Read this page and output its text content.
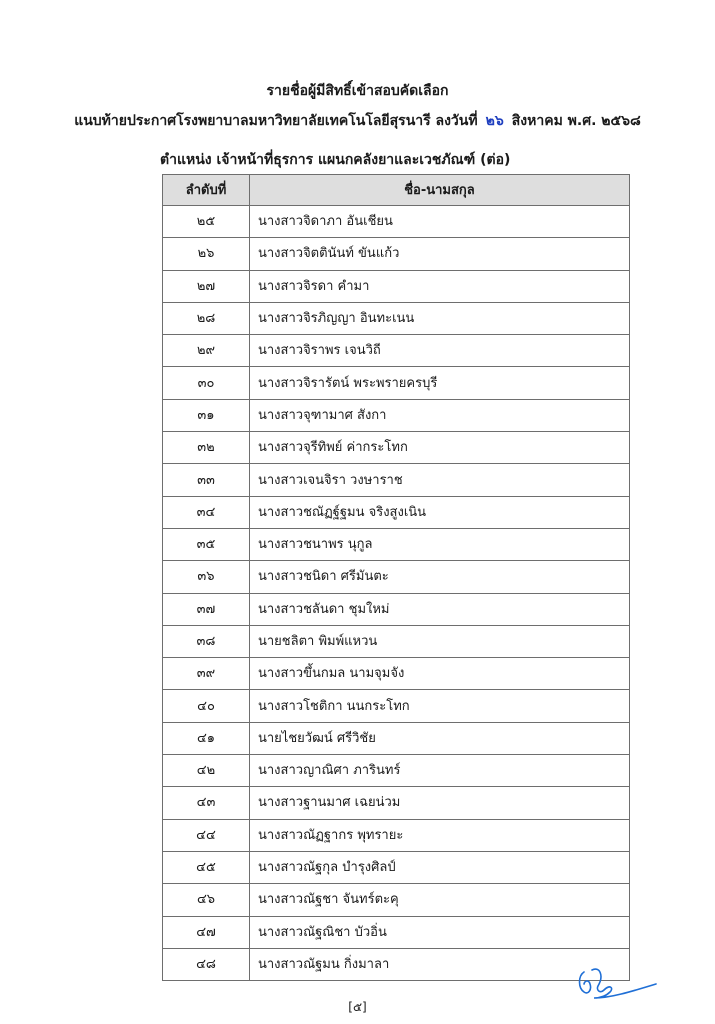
รายชื่อผู้มีสิทธิ์เข้าสอบคัดเลือก
แนบท้ายประกาศโรงพยาบาลมหาวิทยาลัยเทคโนโลยีสุรนารี ลงวันที่ ๒๖ สิงหาคม พ.ศ. ๒๕๖๘
ตำแหน่ง เจ้าหน้าที่ธุรการ แผนกคลังยาและเวชภัณฑ์ (ต่อ)
ลำดับที่	ชื่อ-นามสกุล
๒๕	นางสาวจิดาภา อันเชียน
๒๖	นางสาวจิตตินันท์ ขันแก้ว
๒๗	นางสาวจิรดา คำมา
๒๘	นางสาวจิรภิญญา อินทะเนน
๒๙	นางสาวจิราพร เจนวิถี
๓๐	นางสาวจิรารัตน์ พระพรายครบุรี
๓๑	นางสาวจุฑามาศ สังกา
๓๒	นางสาวจุรีทิพย์ ค่ากระโทก
๓๓	นางสาวเจนจิรา วงษาราช
๓๔	นางสาวชณัฏฐ์ฐมน จริงสูงเนิน
๓๕	นางสาวชนาพร นุกูล
๓๖	นางสาวชนิดา ศรีมันตะ
๓๗	นางสาวชลันดา ชุมใหม่
๓๘	นายชลิตา พิมพ์แหวน
๓๙	นางสาวขึ้นกมล นามจุมจัง
๔๐	นางสาวโชติกา นนกระโทก
๔๑	นายไชยวัฒน์ ศรีวิชัย
๔๒	นางสาวญาณิศา ภารินทร์
๔๓	นางสาวฐานมาศ เฉยน่วม
๔๔	นางสาวณัฏฐากร พุทรายะ
๔๕	นางสาวณัฐกุล บำรุงศิลป์
๔๖	นางสาวณัฐชา จันทร์ตะคุ
๔๗	นางสาวณัฐณิชา บัวอิ่น
๔๘	นางสาวณัฐมน กิ่งมาลา
[๕]
